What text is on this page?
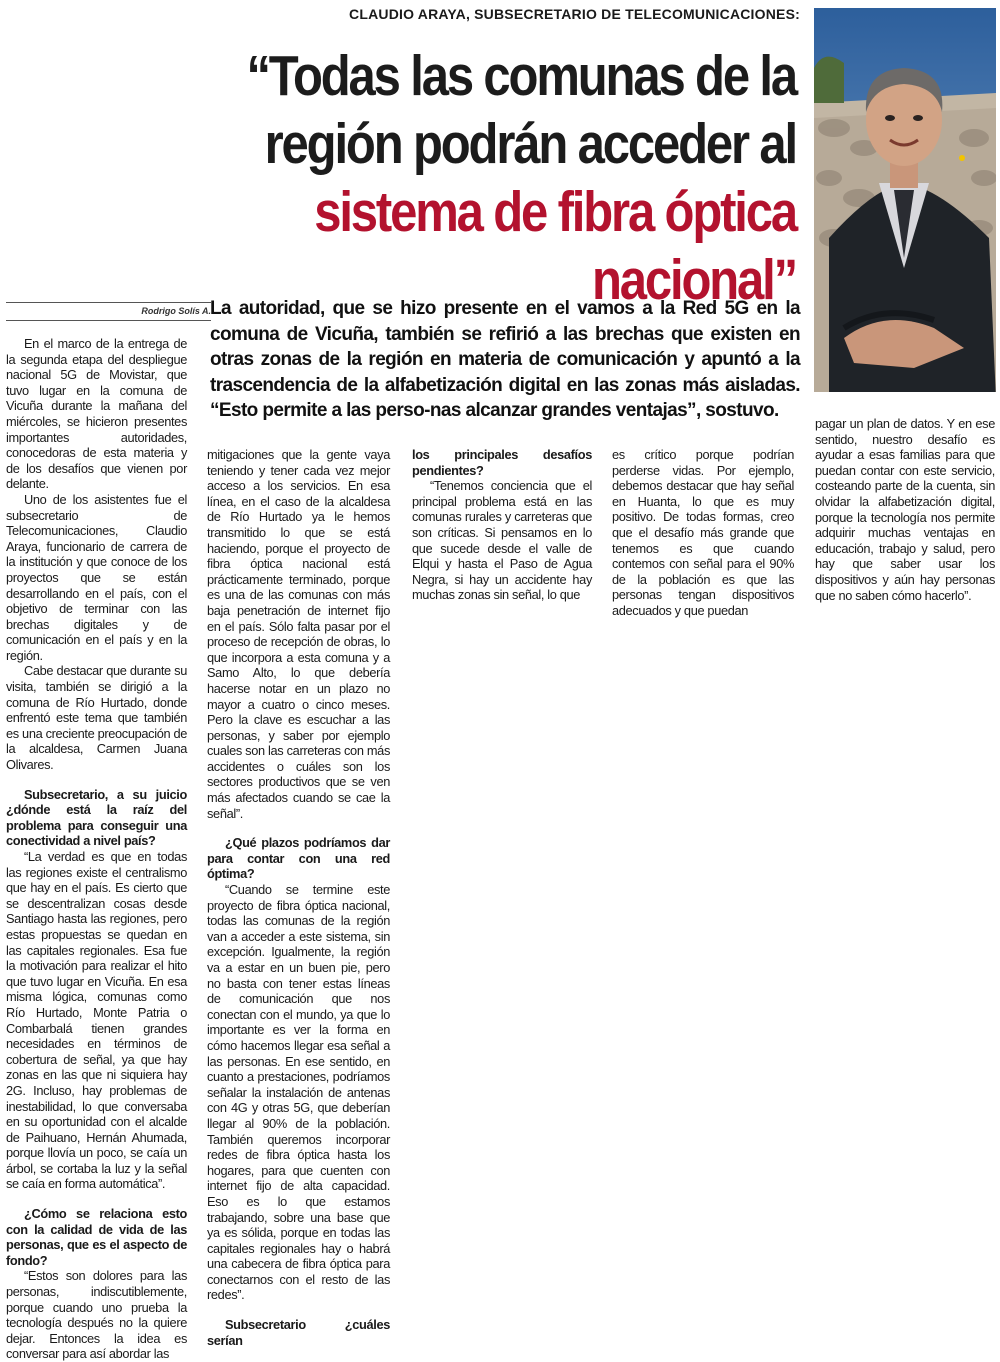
CLAUDIO ARAYA, SUBSECRETARIO DE TELECOMUNICACIONES:
“Todas las comunas de la región podrán acceder al sistema de fibra óptica nacional”
Rodrigo Solís A. La autoridad, que se hizo presente en el vamos a la Red 5G en la comuna de Vicuña, también se refirió a las brechas que existen en otras zonas de la región en materia de comunicación y apuntó a la trascendencia de la alfabetización digital en las zonas más aisladas. “Esto permite a las perso-nas alcanzar grandes ventajas”, sostuvo.

En el marco de la entrega de la segunda etapa del despliegue nacional 5G de Movistar, que tuvo lugar en la comuna de Vicuña durante la mañana del miércoles, se hicieron presentes importantes autoridades, conocedoras de esta materia y de los desafíos que vienen por delante.

Uno de los asistentes fue el subsecretario de Telecomunicaciones, Claudio Araya, funcionario de carrera de la institución y que conoce de los proyectos que se están desarrollando en el país, con el objetivo de terminar con las brechas digitales y de comunicación en el país y en la región.

Cabe destacar que durante su visita, también se dirigió a la comuna de Río Hurtado, donde enfrentó este tema que también es una creciente preocupación de la alcaldesa, Carmen Juana Olivares.

Subsecretario, a su juicio ¿dónde está la raíz del problema para conseguir una conectividad a nivel país?

“La verdad es que en todas las regiones existe el centralismo que hay en el país. Es cierto que se descentralizan cosas desde Santiago hasta las regiones, pero estas propuestas se quedan en las capitales regionales. Esa fue la motivación para realizar el hito que tuvo lugar en Vicuña. En esa misma lógica, comunas como Río Hurtado, Monte Patria o Combarbalá tienen grandes necesidades en términos de cobertura de señal, ya que hay zonas en las que ni siquiera hay 2G. Incluso, hay problemas de inestabilidad, lo que conversaba en su oportunidad con el alcalde de Paihuano, Hernán Ahumada, porque llovía un poco, se caía un árbol, se cortaba la luz y la señal se caía en forma automática”.

¿Cómo se relaciona esto con la calidad de vida de las personas, que es el aspecto de fondo?

“Estos son dolores para las personas, indiscutiblemente, porque cuando uno prueba la tecnología después no la quiere dejar. Entonces la idea es conversar para así abordar las

mitigaciones que la gente vaya teniendo y tener cada vez mejor acceso a los servicios. En esa línea, en el caso de la alcaldesa de Río Hurtado ya le hemos transmitido lo que se está haciendo, porque el proyecto de fibra óptica nacional está prácticamente terminado, porque es una de las comunas con más baja penetración de internet fijo en el país. Sólo falta pasar por el proceso de recepción de obras, lo que incorpora a esta comuna y a Samo Alto, lo que debería hacerse notar en un plazo no mayor a cuatro o cinco meses. Pero la clave es escuchar a las personas, y saber por ejemplo cuales son las carreteras con más accidentes o cuáles son los sectores productivos que se ven más afectados cuando se cae la señal”.

¿Qué plazos podríamos dar para contar con una red óptima?

“Cuando se termine este proyecto de fibra óptica nacional, todas las comunas de la región van a acceder a este sistema, sin excepción. Igualmente, la región va a estar en un buen pie, pero no basta con tener estas líneas de comunicación que nos conectan con el mundo, ya que lo importante es ver la forma en cómo hacemos llegar esa señal a las personas. En ese sentido, en cuanto a prestaciones, podríamos señalar la instalación de antenas con 4G y otras 5G, que deberían llegar al 90% de la población. También queremos incorporar redes de fibra óptica hasta los hogares, para que cuenten con internet fijo de alta capacidad. Eso es lo que estamos trabajando, sobre una base que ya es sólida, porque en todas las capitales regionales hay o habrá una cabecera de fibra óptica para conectarnos con el resto de las redes”.

Subsecretario ¿cuáles serían

los principales desafíos pendientes?

“Tenemos conciencia que el principal problema está en las comunas rurales y carreteras que son críticas. Si pensamos en lo que sucede desde el valle de Elqui y hasta el Paso de Agua Negra, si hay un accidente hay muchas zonas sin señal, lo que

es crítico porque podrían perderse vidas. Por ejemplo, debemos destacar que hay señal en Huanta, lo que es muy positivo. De todas formas, creo que el desafío más grande que tenemos es que cuando contemos con señal para el 90% de la población es que las personas tengan dispositivos adecuados y que puedan

pagar un plan de datos. Y en ese sentido, nuestro desafío es ayudar a esas familias para que puedan contar con este servicio, costeando parte de la cuenta, sin olvidar la alfabetización digital, porque la tecnología nos permite adquirir muchas ventajas en educación, trabajo y salud, pero hay que saber usar los dispositivos y aún hay personas que no saben cómo hacerlo”.
